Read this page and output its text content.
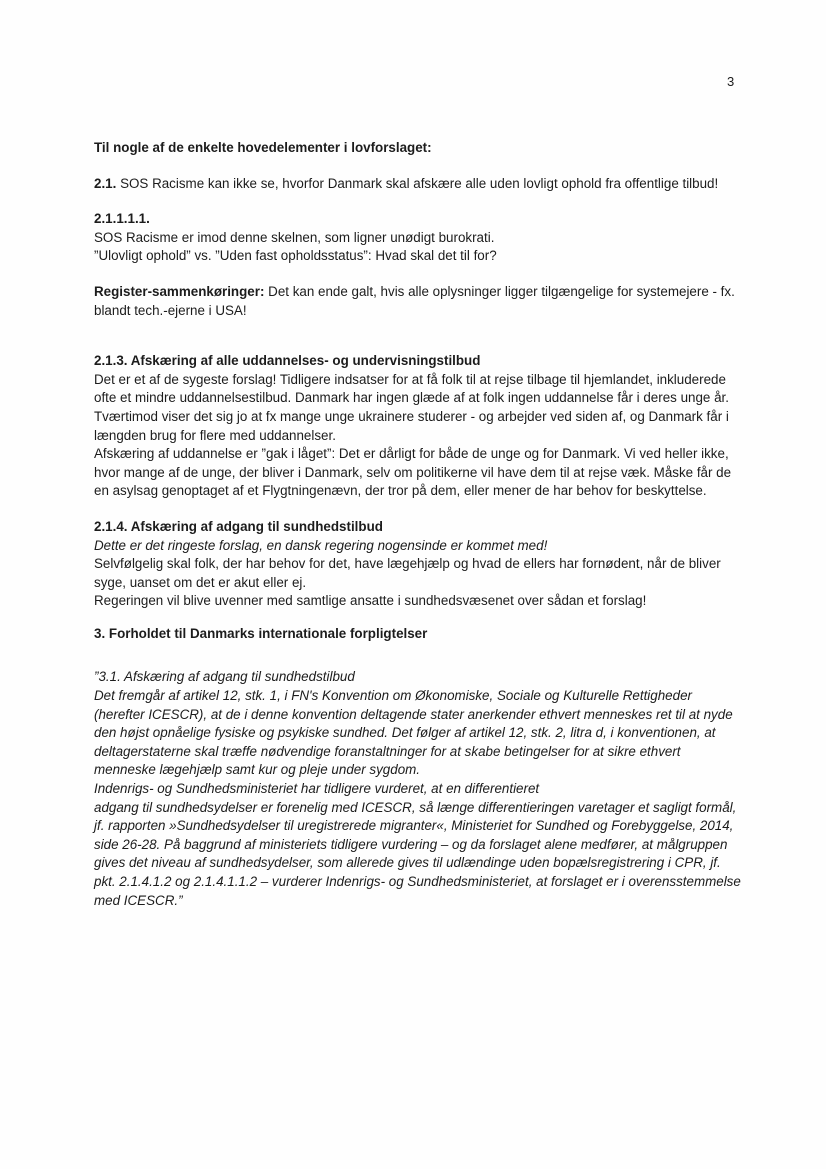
3

Til nogle af de enkelte hovedelementer i lovforslaget:

2.1. SOS Racisme kan ikke se, hvorfor Danmark skal afskære alle uden lovligt ophold fra offentlige tilbud!

2.1.1.1.1.

SOS Racisme er imod denne skelnen, som ligner unødigt burokrati.

”Ulovligt ophold” vs. ”Uden fast opholdsstatus”: Hvad skal det til for?

Register-sammenkøringer: Det kan ende galt, hvis alle oplysninger ligger tilgængelige for systemejere - fx. blandt tech.-ejerne i USA!

2.1.3. Afskæring af alle uddannelses- og undervisningstilbud

Det er et af de sygeste forslag! Tidligere indsatser for at få folk til at rejse tilbage til hjemlandet, inkluderede ofte et mindre uddannelsestilbud. Danmark har ingen glæde af at folk ingen uddannelse får i deres unge år. Tværtimod viser det sig jo at fx mange unge ukrainere studerer - og arbejder ved siden af, og Danmark får i længden brug for flere med uddannelser.

Afskæring af uddannelse er ”gak i låget”: Det er dårligt for både de unge og for Danmark. Vi ved heller ikke, hvor mange af de unge, der bliver i Danmark, selv om politikerne vil have dem til at rejse væk. Måske får de en asylsag genoptaget af et Flygtningenævn, der tror på dem, eller mener de har behov for beskyttelse.

2.1.4. Afskæring af adgang til sundhedstilbud

Dette er det ringeste forslag, en dansk regering nogensinde er kommet med!

Selvfølgelig skal folk, der har behov for det, have lægehjælp og hvad de ellers har fornødent, når de bliver syge, uanset om det er akut eller ej.

Regeringen vil blive uvenner med samtlige ansatte i sundhedsvæsenet over sådan et forslag!

3. Forholdet til Danmarks internationale forpligtelser

”3.1. Afskæring af adgang til sundhedstilbud

Det fremgår af artikel 12, stk. 1, i FN's Konvention om Økonomiske, Sociale og Kulturelle Rettigheder (herefter ICESCR), at de i denne konvention deltagende stater anerkender ethvert menneskes ret til at nyde den højst opnåelige fysiske og psykiske sundhed. Det følger af artikel 12, stk. 2, litra d, i konventionen, at deltagerstaterne skal træffe nødvendige foranstaltninger for at skabe betingelser for at sikre ethvert menneske lægehjælp samt kur og pleje under sygdom.

Indenrigs- og Sundhedsministeriet har tidligere vurderet, at en differentieret

adgang til sundhedsydelser er forenelig med ICESCR, så længe differentieringen varetager et sagligt formål, jf. rapporten »Sundhedsydelser til uregistrerede migranter«, Ministeriet for Sundhed og Forebyggelse, 2014, side 26-28. På baggrund af ministeriets tidligere vurdering – og da forslaget alene medfører, at målgruppen gives det niveau af sundhedsydelser, som allerede gives til udlændinge uden bopælsregistrering i CPR, jf. pkt. 2.1.4.1.2 og 2.1.4.1.1.2 – vurderer Indenrigs- og Sundhedsministeriet, at forslaget er i overensstemmelse med ICESCR.”
